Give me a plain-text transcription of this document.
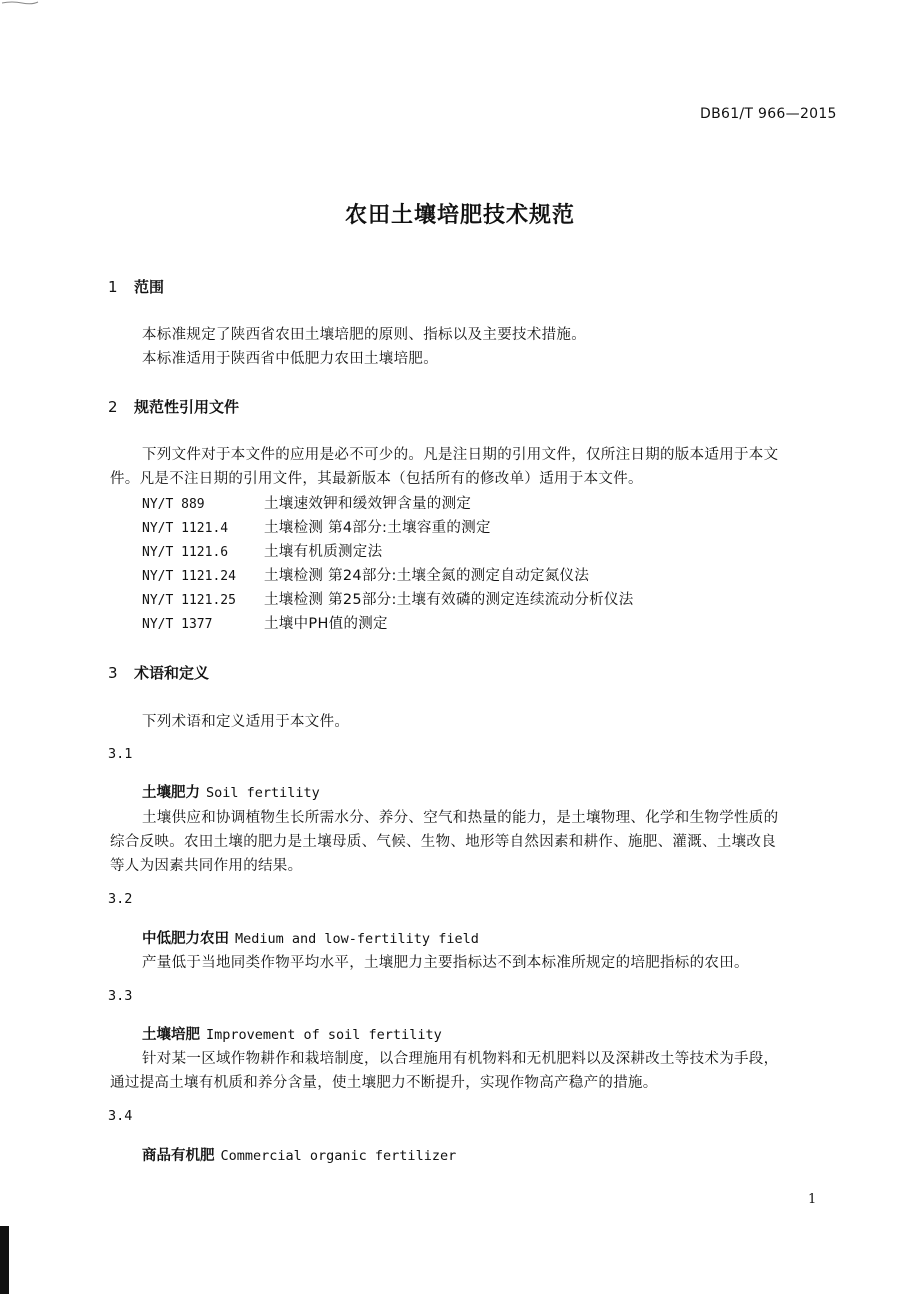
DB61/T 966—2015
农田土壤培肥技术规范
1 范围
本标准规定了陕西省农田土壤培肥的原则、指标以及主要技术措施。
本标准适用于陕西省中低肥力农田土壤培肥。
2 规范性引用文件
下列文件对于本文件的应用是必不可少的。凡是注日期的引用文件，仅所注日期的版本适用于本文
件。凡是不注日期的引用文件，其最新版本（包括所有的修改单）适用于本文件。
NY/T 889	土壤速效钾和缓效钾含量的测定
NY/T 1121.4 土壤检测 第4部分:土壤容重的测定
NY/T 1121.6 土壤有机质测定法
NY/T 1121.24 土壤检测 第24部分:土壤全氮的测定自动定氮仪法
NY/T 1121.25 土壤检测 第25部分:土壤有效磷的测定连续流动分析仪法
NY/T 1377	土壤中PH值的测定
3 术语和定义
下列术语和定义适用于本文件。
3.1
土壤肥力 Soil fertility
土壤供应和协调植物生长所需水分、养分、空气和热量的能力，是土壤物理、化学和生物学性质的
综合反映。农田土壤的肥力是土壤母质、气候、生物、地形等自然因素和耕作、施肥、灌溉、土壤改良
等人为因素共同作用的结果。
3.2
中低肥力农田 Medium and low-fertility field
产量低于当地同类作物平均水平，土壤肥力主要指标达不到本标准所规定的培肥指标的农田。
3.3
土壤培肥 Improvement of soil fertility
针对某一区域作物耕作和栽培制度，以合理施用有机物料和无机肥料以及深耕改土等技术为手段，
通过提高土壤有机质和养分含量，使土壤肥力不断提升，实现作物高产稳产的措施。
3.4
商品有机肥 Commercial organic fertilizer
1
